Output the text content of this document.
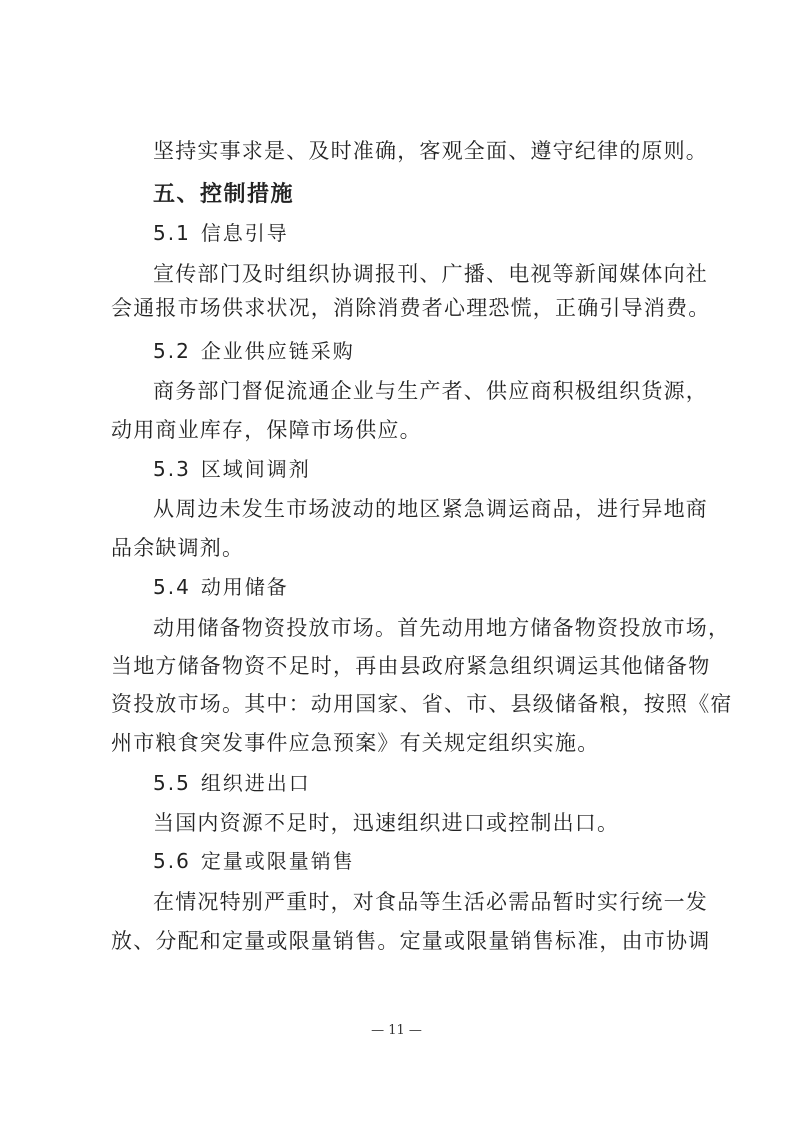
坚持实事求是、及时准确，客观全面、遵守纪律的原则。
五、控制措施
5.1 信息引导
宣传部门及时组织协调报刊、广播、电视等新闻媒体向社
会通报市场供求状况，消除消费者心理恐慌，正确引导消费。
5.2 企业供应链采购
商务部门督促流通企业与生产者、供应商积极组织货源，
动用商业库存，保障市场供应。
5.3 区域间调剂
从周边未发生市场波动的地区紧急调运商品，进行异地商
品余缺调剂。
5.4 动用储备
动用储备物资投放市场。首先动用地方储备物资投放市场，
当地方储备物资不足时，再由县政府紧急组织调运其他储备物
资投放市场。其中：动用国家、省、市、县级储备粮，按照《宿
州市粮食突发事件应急预案》有关规定组织实施。
5.5 组织进出口
当国内资源不足时，迅速组织进口或控制出口。
5.6 定量或限量销售
在情况特别严重时，对食品等生活必需品暂时实行统一发
放、分配和定量或限量销售。定量或限量销售标准，由市协调
— 11 —
